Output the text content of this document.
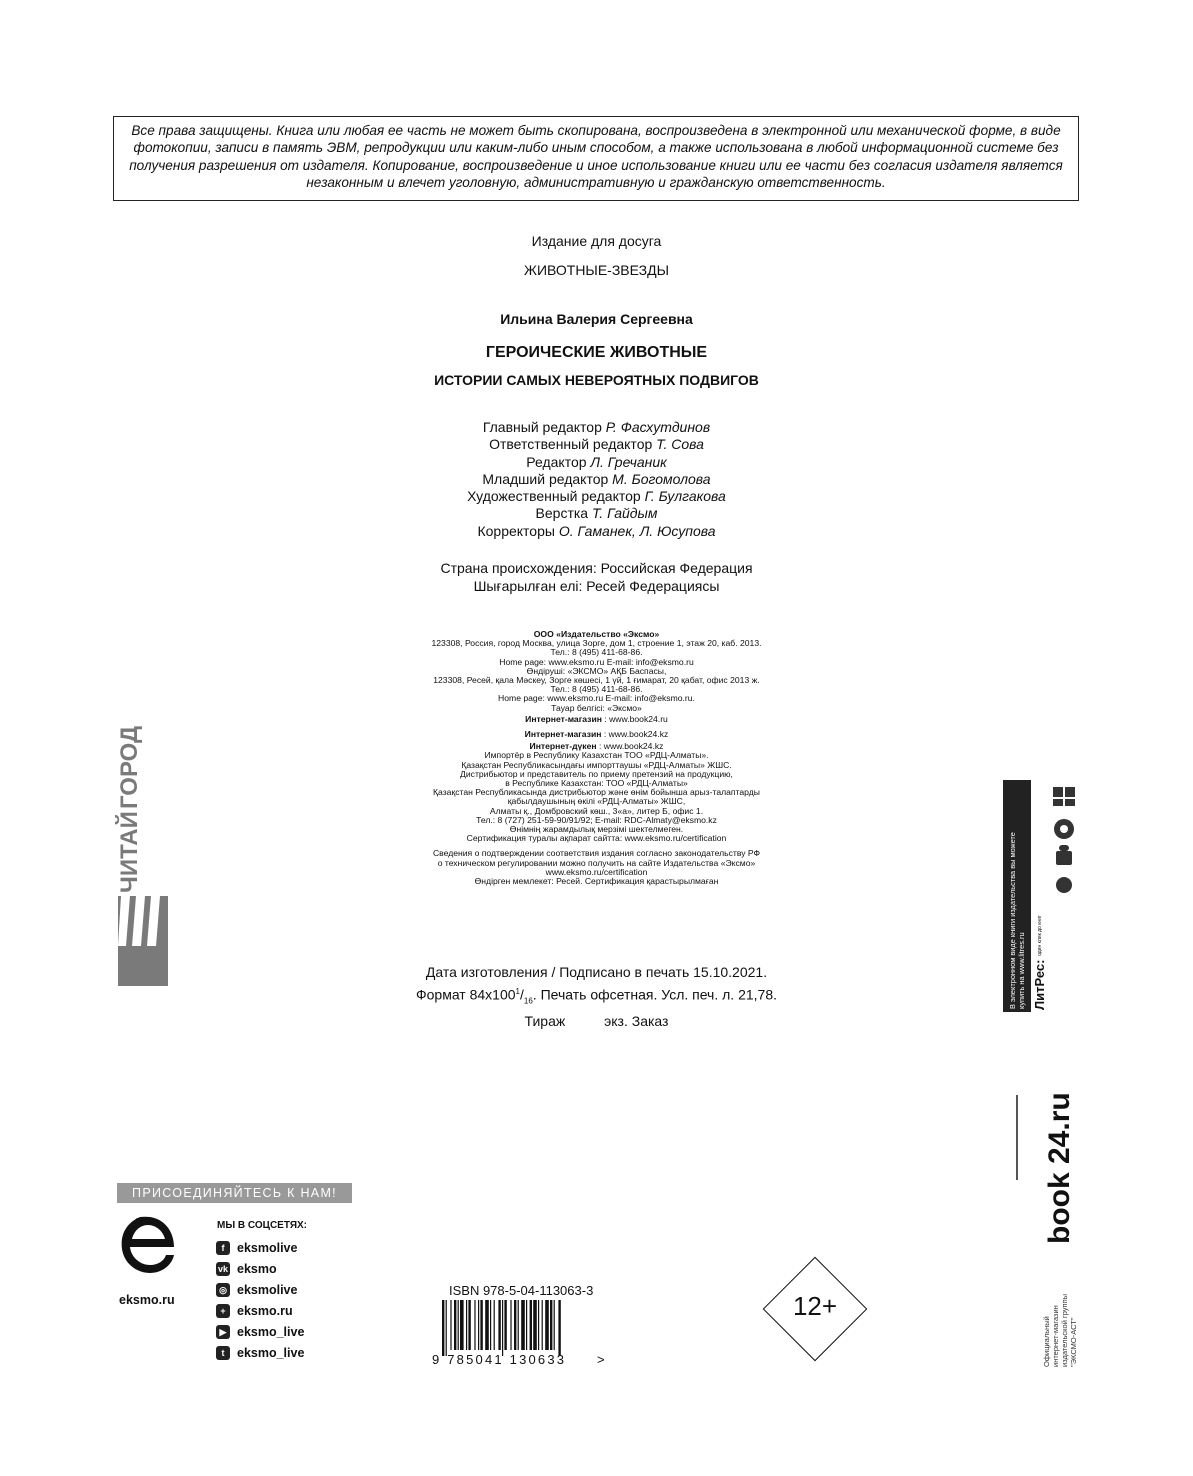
Все права защищены. Книга или любая ее часть не может быть скопирована, воспроизведена в электронной или механической форме, в виде фотокопии, записи в память ЭВМ, репродукции или каким-либо иным способом, а также использована в любой информационной системе без получения разрешения от издателя. Копирование, воспроизведение и иное использование книги или ее части без согласия издателя является незаконным и влечет уголовную, административную и гражданскую ответственность.
Издание для досуга
ЖИВОТНЫЕ-ЗВЕЗДЫ
Ильина Валерия Сергеевна
ГЕРОИЧЕСКИЕ ЖИВОТНЫЕ
ИСТОРИИ САМЫХ НЕВЕРОЯТНЫХ ПОДВИГОВ
Главный редактор Р. Фасхутдинов
Ответственный редактор Т. Сова
Редактор Л. Гречаник
Младший редактор М. Богомолова
Художественный редактор Г. Булгакова
Верстка Т. Гайдым
Корректоры О. Гаманек, Л. Юсупова
Страна происхождения: Российская Федерация
Шығарылған елі: Ресей Федерациясы
ООО «Издательство «Эксмо»
123308, Россия, город Москва, улица Зорге, дом 1, строение 1, этаж 20, каб. 2013.
Тел.: 8 (495) 411-68-86.
Home page: www.eksmo.ru E-mail: info@eksmo.ru
Өндіруші: «ЭКСМО» АҚБ Баспасы,
123308, Ресей, қала Мәскеу, Зорге көшесі, 1 үй, 1 ғимарат, 20 қабат, офис 2013 ж.
Тел.: 8 (495) 411-68-86.
Home page: www.eksmo.ru E-mail: info@eksmo.ru.
Тауар белгісі: «Эксмо»
Интернет-магазин : www.book24.ru
Интернет-магазин : www.book24.kz
Интернет-дүкен : www.book24.kz
Импортёр в Республику Казахстан ТОО «РДЦ-Алматы».
Қазақстан Республикасындағы импорттаушы «РДЦ-Алматы» ЖШС.
Дистрибьютор и представитель по приему претензий на продукцию,
в Республике Казахстан: ТОО «РДЦ-Алматы»
Қазақстан Республикасында дистрибьютор және өнім бойынша арыз-талаптарды
қабылдаушының өкілі «РДЦ-Алматы» ЖШС,
Алматы қ., Домбровский көш., 3«а», литер Б, офис 1.
Тел.: 8 (727) 251-59-90/91/92; E-mail: RDC-Almaty@eksmo.kz
Өнімнің жарамдылық мерзімі шектелмеген.
Сертификация туралы ақпарат сайтта: www.eksmo.ru/certification
Сведения о подтверждении соответствия издания согласно законодательству РФ
о техническом регулировании можно получить на сайте Издательства «Эксмо»
www.eksmo.ru/certification
Өндірген мемлекет: Ресей. Сертификация қарастырылмаған
Дата изготовления / Подписано в печать 15.10.2021.
Формат $84х100^1/_{16}$. Печать офсетная. Усл. печ. л. 21,78.
Тираж          экз. Заказ
ЧИТАЙ
ГОРОД
В электронном виде книги издательства вы можете
купить на www.litres.ru ЛитРес: один клик до книг
Официальный интернет-магазин издательской группы "ЭКСМО-АСТ"
book 24.ru
ПРИСОЕДИНЯЙТЕСЬ К НАМ!
eksmo.ru
МЫ В СОЦСЕТЯХ:
f	eksmolive
vk eksmo
◎ eksmolive
+ eksmo.ru
▶ eksmo_live
t	eksmo_live
ISBN 978-5-04-113063-3
9 785041 130633 >
12+
